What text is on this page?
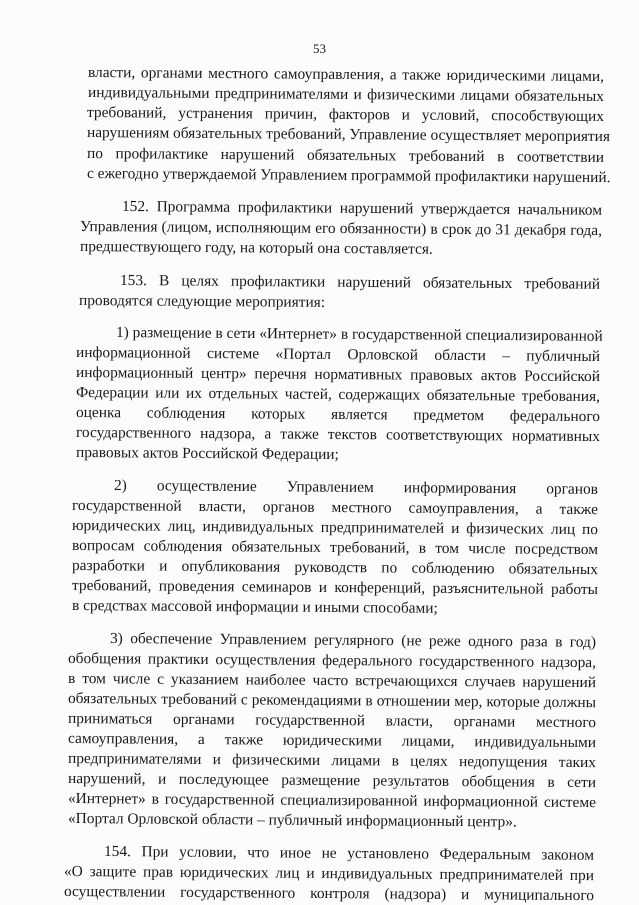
53
власти, органами местного самоуправления, а также юридическими лицами,
индивидуальными предпринимателями и физическими лицами обязательных
требований, устранения причин, факторов и условий, способствующих
нарушениям обязательных требований, Управление осуществляет мероприятия
по профилактике нарушений обязательных требований в соответствии
с ежегодно утверждаемой Управлением программой профилактики нарушений.
152. Программа профилактики нарушений утверждается начальником
Управления (лицом, исполняющим его обязанности) в срок до 31 декабря года,
предшествующего году, на который она составляется.
153. В целях профилактики нарушений обязательных требований
проводятся следующие мероприятия:
1) размещение в сети «Интернет» в государственной специализированной
информационной системе «Портал Орловской области – публичный
информационный центр» перечня нормативных правовых актов Российской
Федерации или их отдельных частей, содержащих обязательные требования,
оценка соблюдения которых является предметом федерального
государственного надзора, а также текстов соответствующих нормативных
правовых актов Российской Федерации;
2) осуществление Управлением информирования органов
государственной власти, органов местного самоуправления, а также
юридических лиц, индивидуальных предпринимателей и физических лиц по
вопросам соблюдения обязательных требований, в том числе посредством
разработки и опубликования руководств по соблюдению обязательных
требований, проведения семинаров и конференций, разъяснительной работы
в средствах массовой информации и иными способами;
3) обеспечение Управлением регулярного (не реже одного раза в год)
обобщения практики осуществления федерального государственного надзора,
в том числе с указанием наиболее часто встречающихся случаев нарушений
обязательных требований с рекомендациями в отношении мер, которые должны
приниматься органами государственной власти, органами местного
самоуправления, а также юридическими лицами, индивидуальными
предпринимателями и физическими лицами в целях недопущения таких
нарушений, и последующее размещение результатов обобщения в сети
«Интернет» в государственной специализированной информационной системе
«Портал Орловской области – публичный информационный центр».
154. При условии, что иное не установлено Федеральным законом
«О защите прав юридических лиц и индивидуальных предпринимателей при
осуществлении государственного контроля (надзора) и муниципального
